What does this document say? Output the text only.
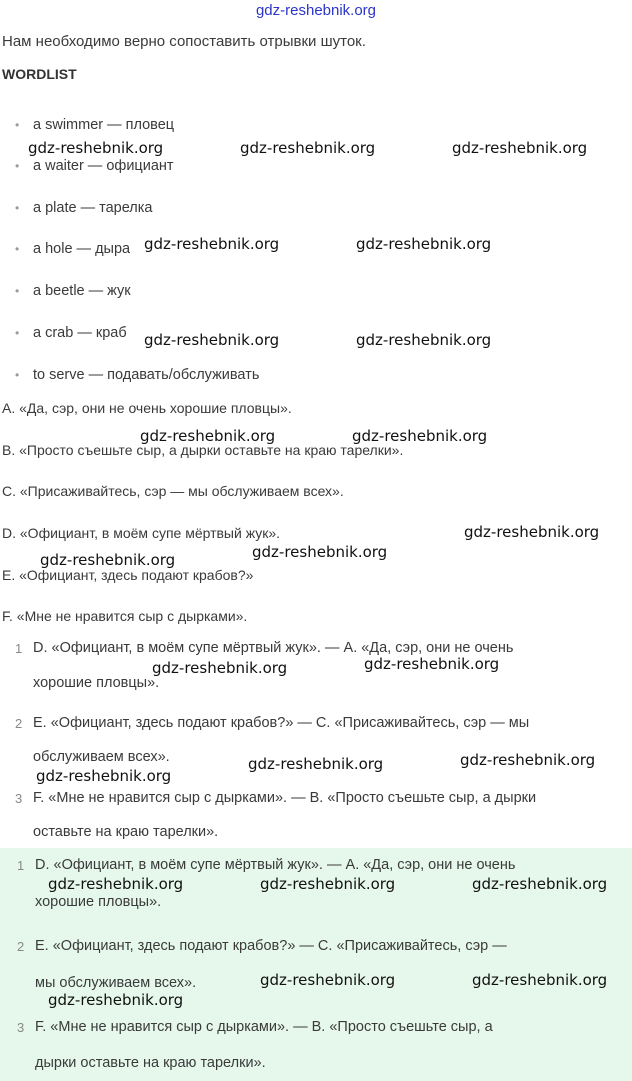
gdz-reshebnik.org
Нам необходимо верно сопоставить отрывки шуток.
WORDLIST
• a swimmer — пловец
• a waiter — официант
• a plate — тарелка
• a hole — дыра
• a beetle — жук
• a crab — краб
• to serve — подавать/обслуживать
A. «Да, сэр, они не очень хорошие пловцы».
B. «Просто съешьте сыр, а дырки оставьте на краю тарелки».
C. «Присаживайтесь, сэр — мы обслуживаем всех».
D. «Официант, в моём супе мёртвый жук».
E. «Официант, здесь подают крабов?»
F. «Мне не нравится сыр с дырками».
1 D. «Официант, в моём супе мёртвый жук». — A. «Да, сэр, они не очень
хорошие пловцы».
2 E. «Официант, здесь подают крабов?» — C. «Присаживайтесь, сэр — мы
обслуживаем всех».
3 F. «Мне не нравится сыр с дырками». — B. «Просто съешьте сыр, а дырки
оставьте на краю тарелки».
1 D. «Официант, в моём супе мёртвый жук». — A. «Да, сэр, они не очень
хорошие пловцы».
2 E. «Официант, здесь подают крабов?» — C. «Присаживайтесь, сэр —
мы обслуживаем всех».
3 F. «Мне не нравится сыр с дырками». — B. «Просто съешьте сыр, а
дырки оставьте на краю тарелки».
gdz-reshebnik.org	gdz-reshebnik.org	gdz-reshebnik.org
gdz-reshebnik.org	gdz-reshebnik.org
gdz-reshebnik.org	gdz-reshebnik.org
gdz-reshebnik.org	gdz-reshebnik.org
gdz-reshebnik.org
gdz-reshebnik.org
gdz-reshebnik.org
gdz-reshebnik.org
gdz-reshebnik.org
gdz-reshebnik.org
gdz-reshebnik.org
gdz-reshebnik.org
gdz-reshebnik.org	gdz-reshebnik.org	gdz-reshebnik.org
gdz-reshebnik.org	gdz-reshebnik.org
gdz-reshebnik.org
